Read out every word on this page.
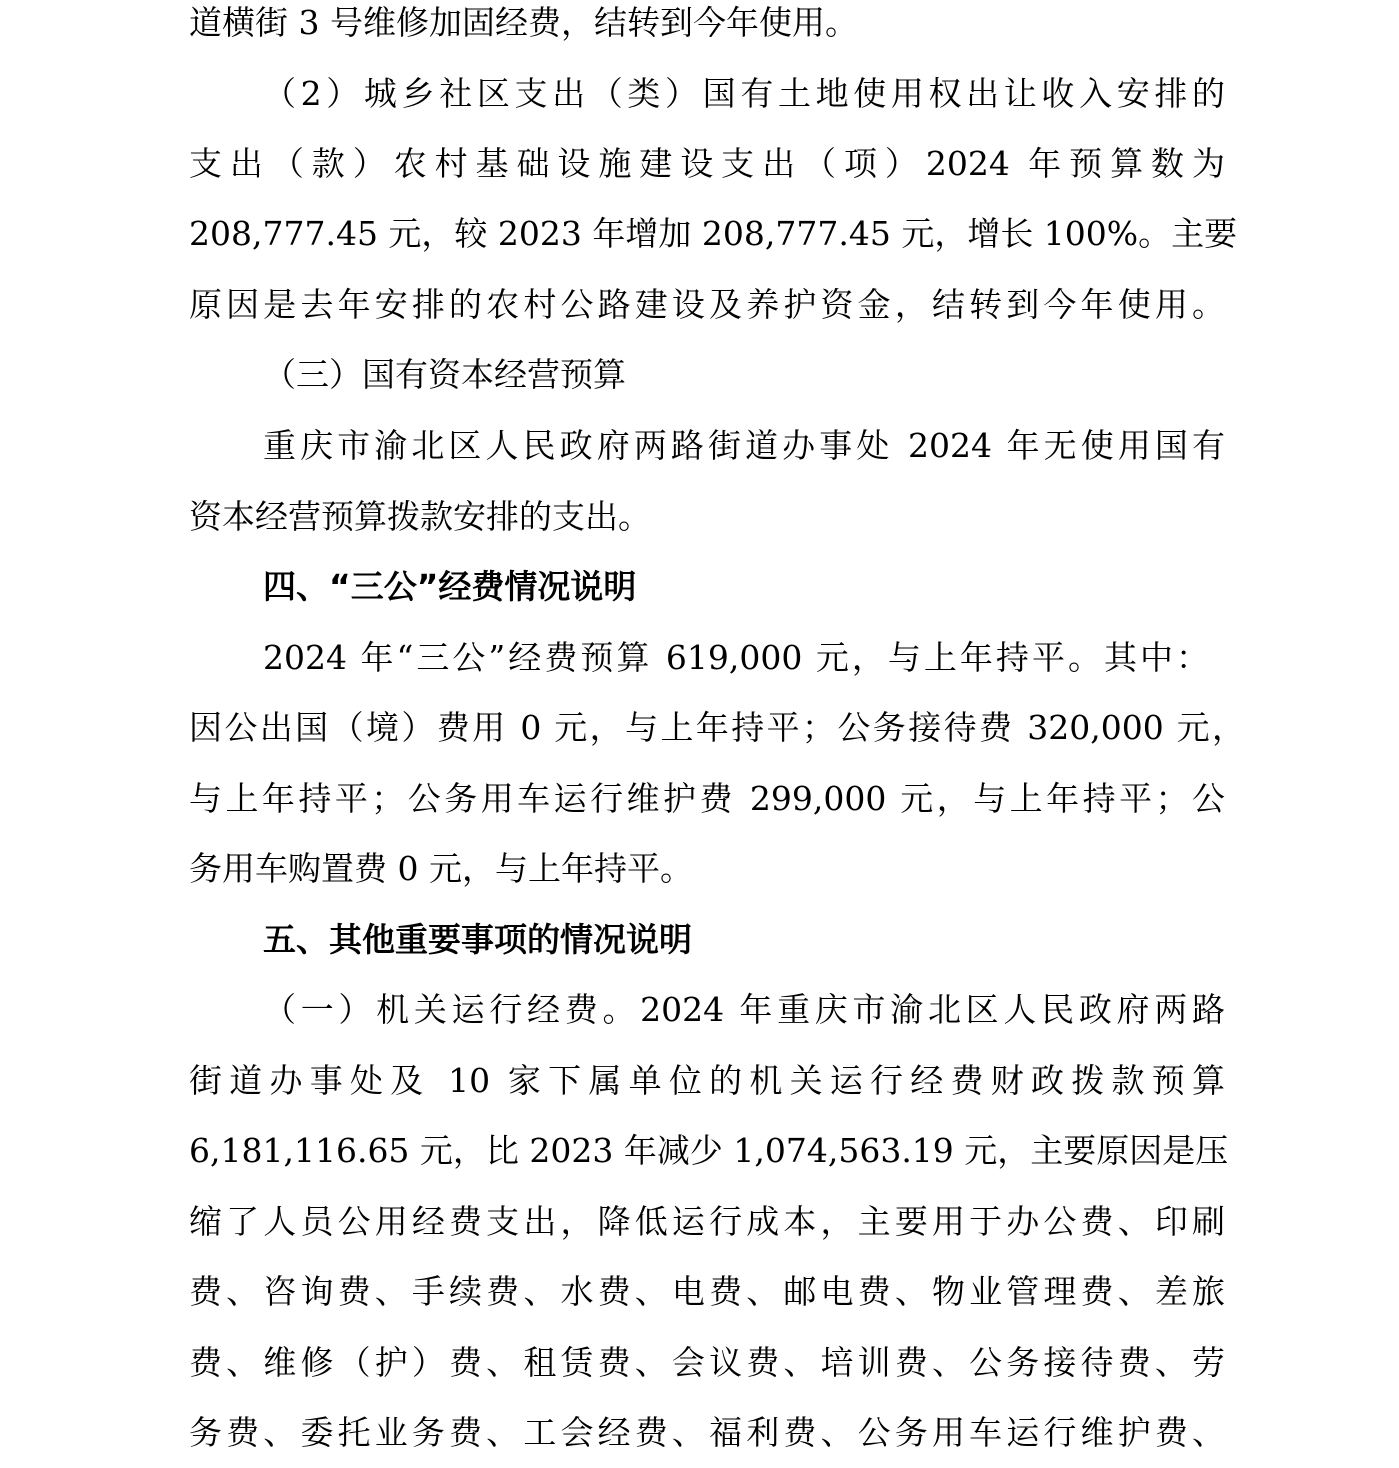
道横街 3 号维修加固经费，结转到今年使用。
（2）城乡社区支出（类）国有土地使用权出让收入安排的
支出（款）农村基础设施建设支出（项）2024 年预算数为
208,777.45 元，较 2023 年增加 208,777.45 元，增长 100%。主要
原因是去年安排的农村公路建设及养护资金，结转到今年使用。
（三）国有资本经营预算
重庆市渝北区人民政府两路街道办事处 2024 年无使用国有
资本经营预算拨款安排的支出。
四、“三公”经费情况说明
2024 年“三公”经费预算 619,000 元，与上年持平。其中：
因公出国（境）费用 0 元，与上年持平；公务接待费 320,000 元，
与上年持平；公务用车运行维护费 299,000 元，与上年持平；公
务用车购置费 0 元，与上年持平。
五、其他重要事项的情况说明
（一）机关运行经费。2024 年重庆市渝北区人民政府两路
街道办事处及 10 家下属单位的机关运行经费财政拨款预算
6,181,116.65 元，比 2023 年减少 1,074,563.19 元，主要原因是压
缩了人员公用经费支出，降低运行成本，主要用于办公费、印刷
费、咨询费、手续费、水费、电费、邮电费、物业管理费、差旅
费、维修（护）费、租赁费、会议费、培训费、公务接待费、劳
务费、委托业务费、工会经费、福利费、公务用车运行维护费、
